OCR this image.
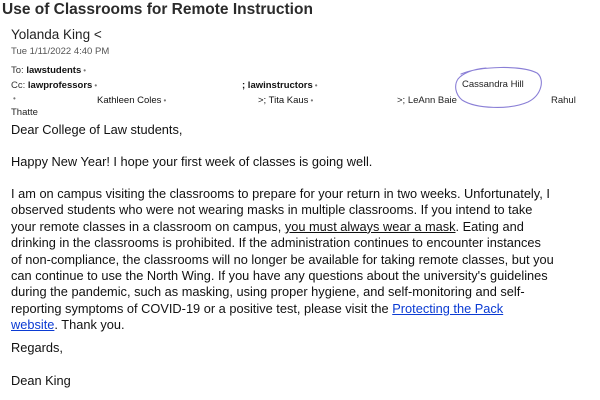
Use of Classrooms for Remote Instruction
Yolanda King <
Tue 1/11/2022 4:40 PM
To: lawstudents •
Cc: lawprofessors •	; lawinstructors •	Cassandra Hill
•	Kathleen Coles •	>; Tita Kaus •	>; LeAnn Baie	Rahul
Thatte

Dear College of Law students,

Happy New Year! I hope your first week of classes is going well.

I am on campus visiting the classrooms to prepare for your return in two weeks. Unfortunately, I

observed students who were not wearing masks in multiple classrooms. If you intend to take

your remote classes in a classroom on campus, you must always wear a mask. Eating and

drinking in the classrooms is prohibited. If the administration continues to encounter instances

of non-compliance, the classrooms will no longer be available for taking remote classes, but you

can continue to use the North Wing. If you have any questions about the university's guidelines

during the pandemic, such as masking, using proper hygiene, and self-monitoring and self-

reporting symptoms of COVID-19 or a positive test, please visit the Protecting the Pack

website. Thank you.

Regards,

Dean King
